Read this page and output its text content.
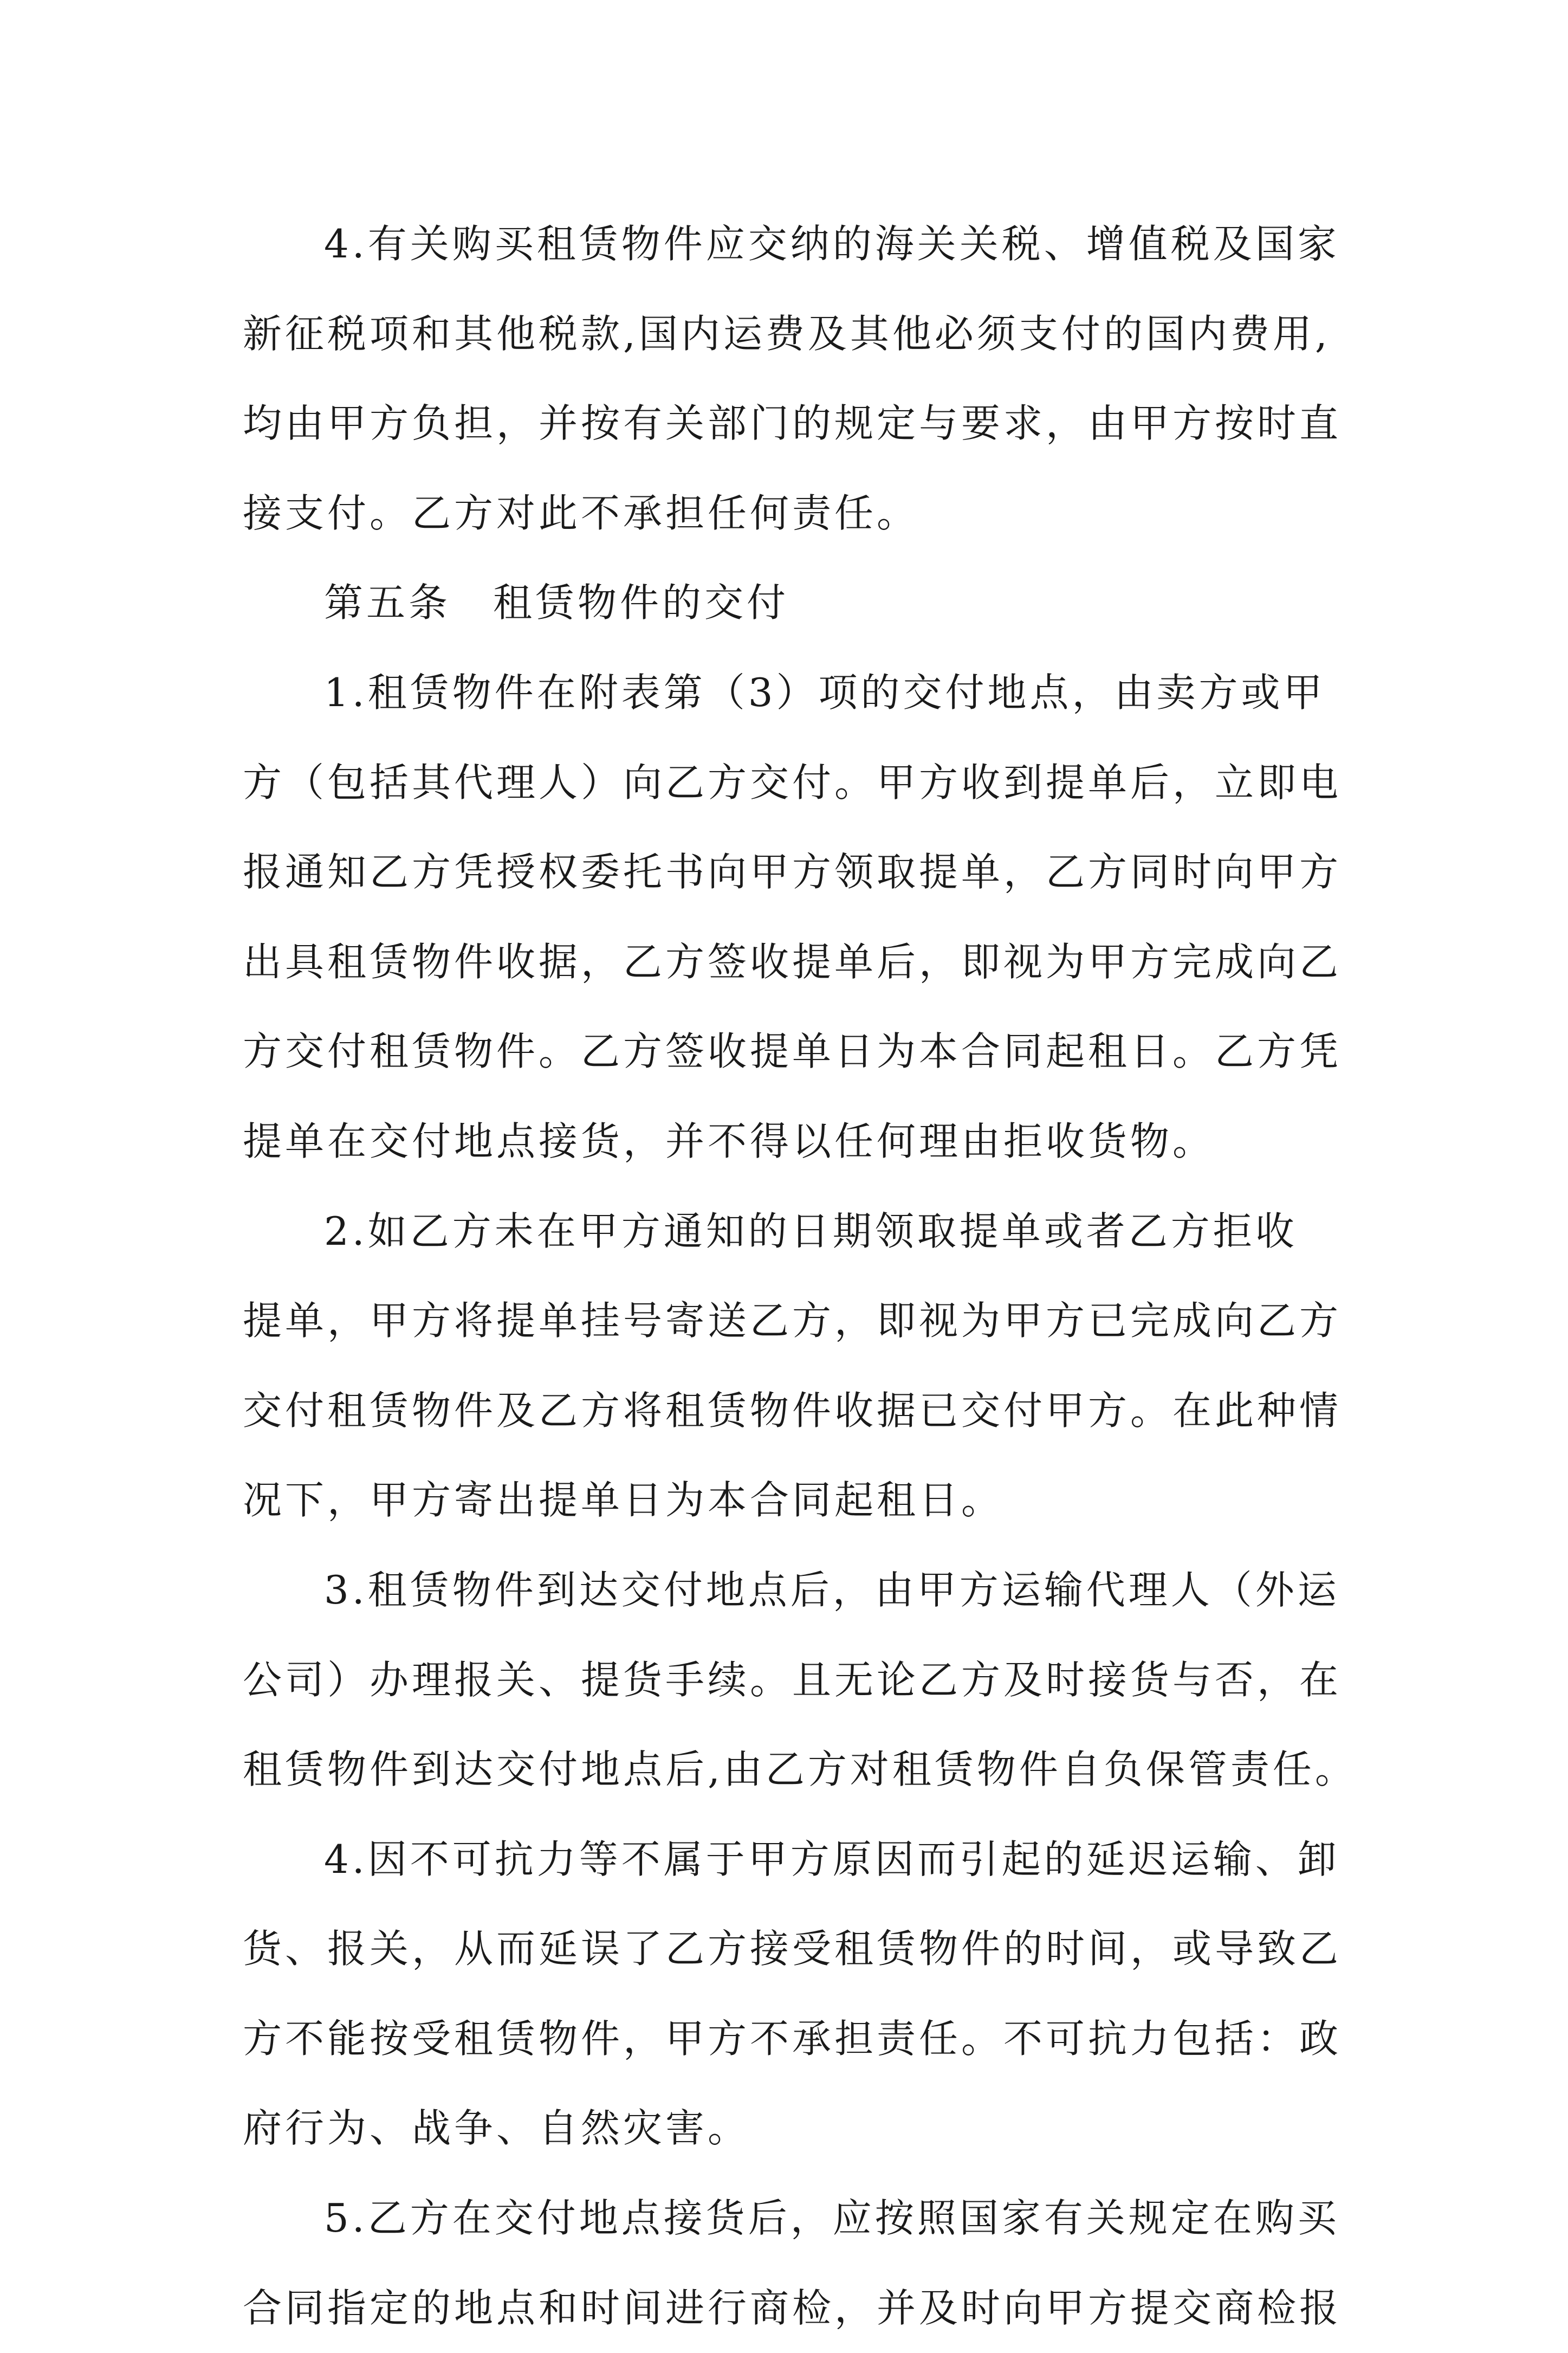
4.有关购买租赁物件应交纳的海关关税、增值税及国家
新征税项和其他税款,国内运费及其他必须支付的国内费用,
均由甲方负担，并按有关部门的规定与要求，由甲方按时直
接支付。乙方对此不承担任何责任。
第五条　租赁物件的交付
1.租赁物件在附表第（3）项的交付地点，由卖方或甲
方（包括其代理人）向乙方交付。甲方收到提单后，立即电
报通知乙方凭授权委托书向甲方领取提单，乙方同时向甲方
出具租赁物件收据，乙方签收提单后，即视为甲方完成向乙
方交付租赁物件。乙方签收提单日为本合同起租日。乙方凭
提单在交付地点接货，并不得以任何理由拒收货物。
2.如乙方未在甲方通知的日期领取提单或者乙方拒收
提单，甲方将提单挂号寄送乙方，即视为甲方已完成向乙方
交付租赁物件及乙方将租赁物件收据已交付甲方。在此种情
况下，甲方寄出提单日为本合同起租日。
3.租赁物件到达交付地点后，由甲方运输代理人（外运
公司）办理报关、提货手续。且无论乙方及时接货与否，在
租赁物件到达交付地点后,由乙方对租赁物件自负保管责任。
4.因不可抗力等不属于甲方原因而引起的延迟运输、卸
货、报关，从而延误了乙方接受租赁物件的时间，或导致乙
方不能按受租赁物件，甲方不承担责任。不可抗力包括：政
府行为、战争、自然灾害。
5.乙方在交付地点接货后，应按照国家有关规定在购买
合同指定的地点和时间进行商检，并及时向甲方提交商检报
